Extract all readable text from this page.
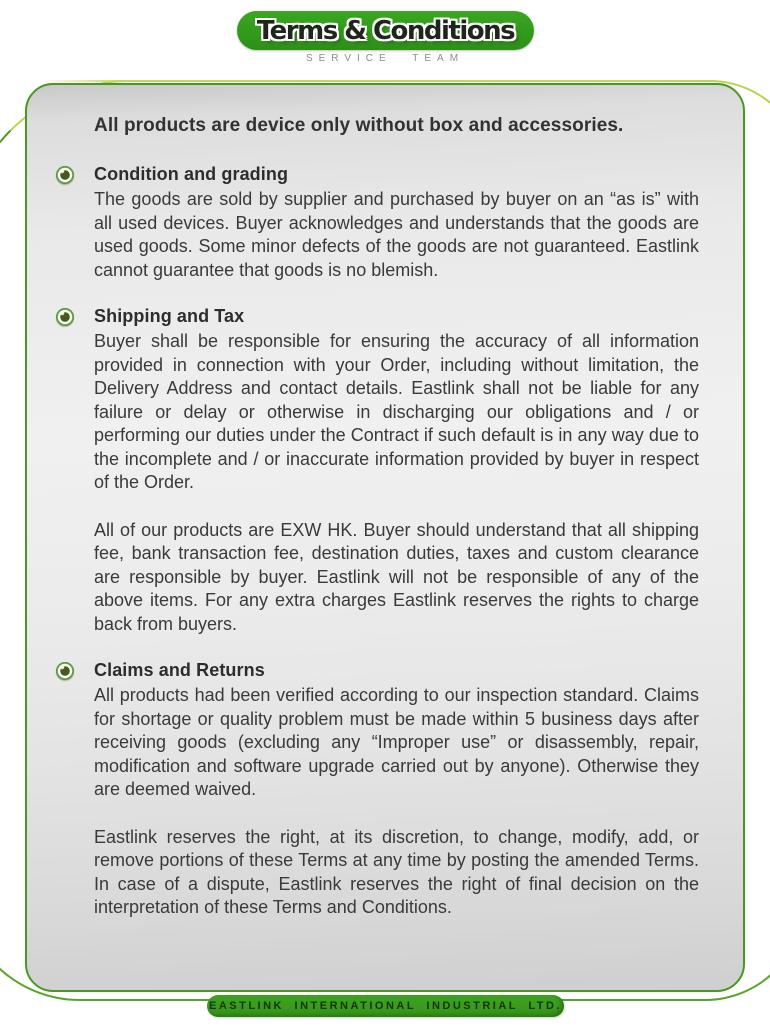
Terms & Conditions
SERVICE TEAM
All products are device only without box and accessories.
Condition and grading

The goods are sold by supplier and purchased by buyer on an “as is” with all used devices. Buyer acknowledges and understands that the goods are used goods. Some minor defects of the goods are not guaranteed. Eastlink cannot guarantee that goods is no blemish.

Shipping and Tax

Buyer shall be responsible for ensuring the accuracy of all information provided in connection with your Order, including without limitation, the Delivery Address and contact details. Eastlink shall not be liable for any failure or delay or otherwise in discharging our obligations and / or performing our duties under the Contract if such default is in any way due to the incomplete and / or inaccurate information provided by buyer in respect of the Order.

All of our products are EXW HK. Buyer should understand that all shipping fee, bank transaction fee, destination duties, taxes and custom clearance are responsible by buyer. Eastlink will not be responsible of any of the above items. For any extra charges Eastlink reserves the rights to charge back from buyers.

Claims and Returns

All products had been verified according to our inspection standard. Claims for shortage or quality problem must be made within 5 business days after receiving goods (excluding any “Improper use” or disassembly, repair, modification and software upgrade carried out by anyone). Otherwise they are deemed waived.

Eastlink reserves the right, at its discretion, to change, modify, add, or remove portions of these Terms at any time by posting the amended Terms. In case of a dispute, Eastlink reserves the right of final decision on the interpretation of these Terms and Conditions.

EASTLINK INTERNATIONAL INDUSTRIAL LTD.
